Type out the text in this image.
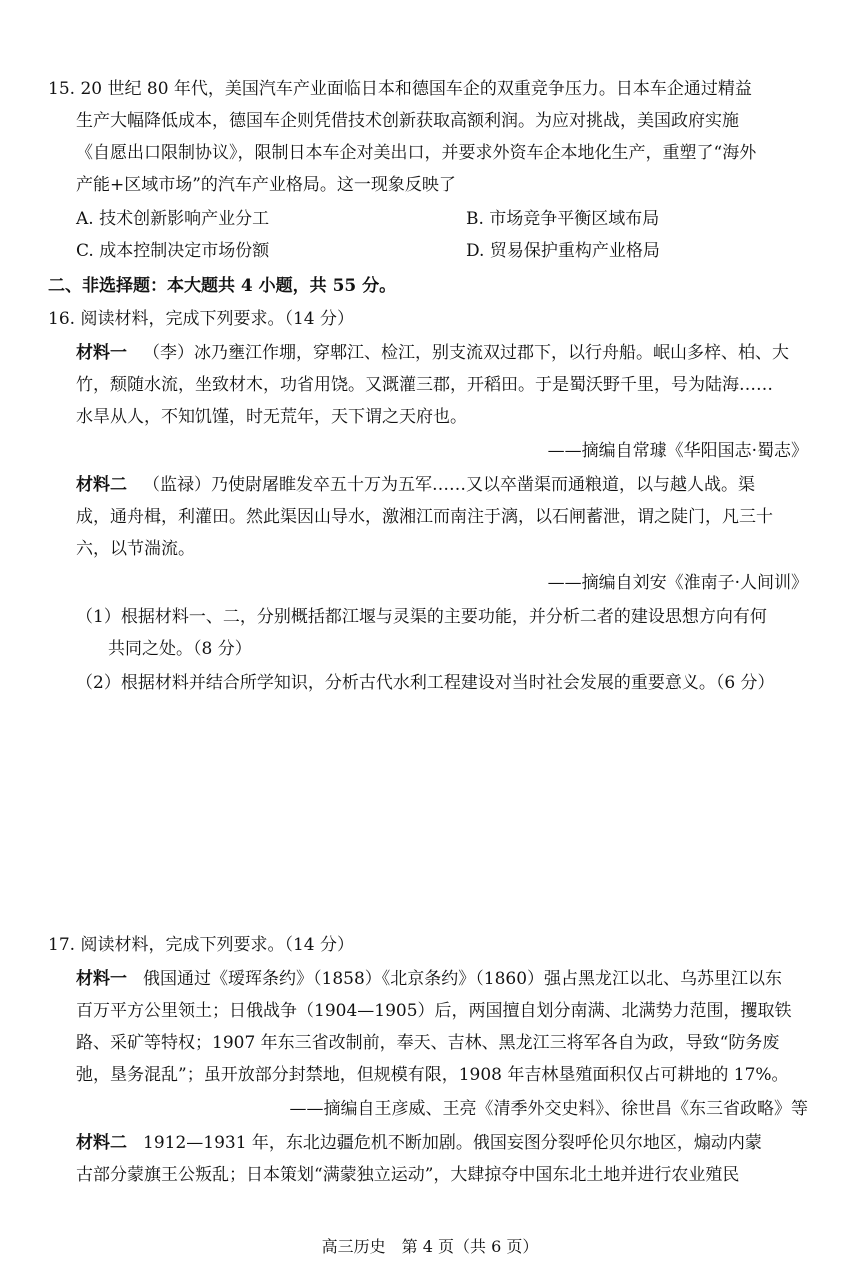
15. 20 世纪 80 年代，美国汽车产业面临日本和德国车企的双重竞争压力。日本车企通过精益
生产大幅降低成本，德国车企则凭借技术创新获取高额利润。为应对挑战，美国政府实施
《自愿出口限制协议》，限制日本车企对美出口，并要求外资车企本地化生产，重塑了“海外
产能+区域市场”的汽车产业格局。这一现象反映了
A. 技术创新影响产业分工	B. 市场竞争平衡区域布局
C. 成本控制决定市场份额	D. 贸易保护重构产业格局
二、非选择题：本大题共 4 小题，共 55 分。
16. 阅读材料，完成下列要求。（14 分）
材料一 （李）冰乃壅江作堋，穿郫江、检江，别支流双过郡下，以行舟船。岷山多梓、柏、大
竹，颓随水流，坐致材木，功省用饶。又溉灌三郡，开稻田。于是蜀沃野千里，号为陆海……
水旱从人，不知饥馑，时无荒年，天下谓之天府也。
——摘编自常璩《华阳国志·蜀志》
材料二 （监禄）乃使尉屠睢发卒五十万为五军……又以卒凿渠而通粮道，以与越人战。渠
成，通舟楫，利灌田。然此渠因山导水，激湘江而南注于漓，以石闸蓄泄，谓之陡门，凡三十
六，以节湍流。
——摘编自刘安《淮南子·人间训》
（1）根据材料一、二，分别概括都江堰与灵渠的主要功能，并分析二者的建设思想方向有何
共同之处。（8 分）
（2）根据材料并结合所学知识，分析古代水利工程建设对当时社会发展的重要意义。（6 分）
17. 阅读材料，完成下列要求。（14 分）
材料一 俄国通过《瑷珲条约》（1858）《北京条约》（1860）强占黑龙江以北、乌苏里江以东
百万平方公里领土；日俄战争（1904—1905）后，两国擅自划分南满、北满势力范围，攫取铁
路、采矿等特权；1907 年东三省改制前，奉天、吉林、黑龙江三将军各自为政，导致“防务废
弛，垦务混乱”；虽开放部分封禁地，但规模有限，1908 年吉林垦殖面积仅占可耕地的 17%。
——摘编自王彦威、王亮《清季外交史料》、徐世昌《东三省政略》等
材料二 1912—1931 年，东北边疆危机不断加剧。俄国妄图分裂呼伦贝尔地区，煽动内蒙
古部分蒙旗王公叛乱；日本策划“满蒙独立运动”，大肆掠夺中国东北土地并进行农业殖民
高三历史　第 4 页（共 6 页）
